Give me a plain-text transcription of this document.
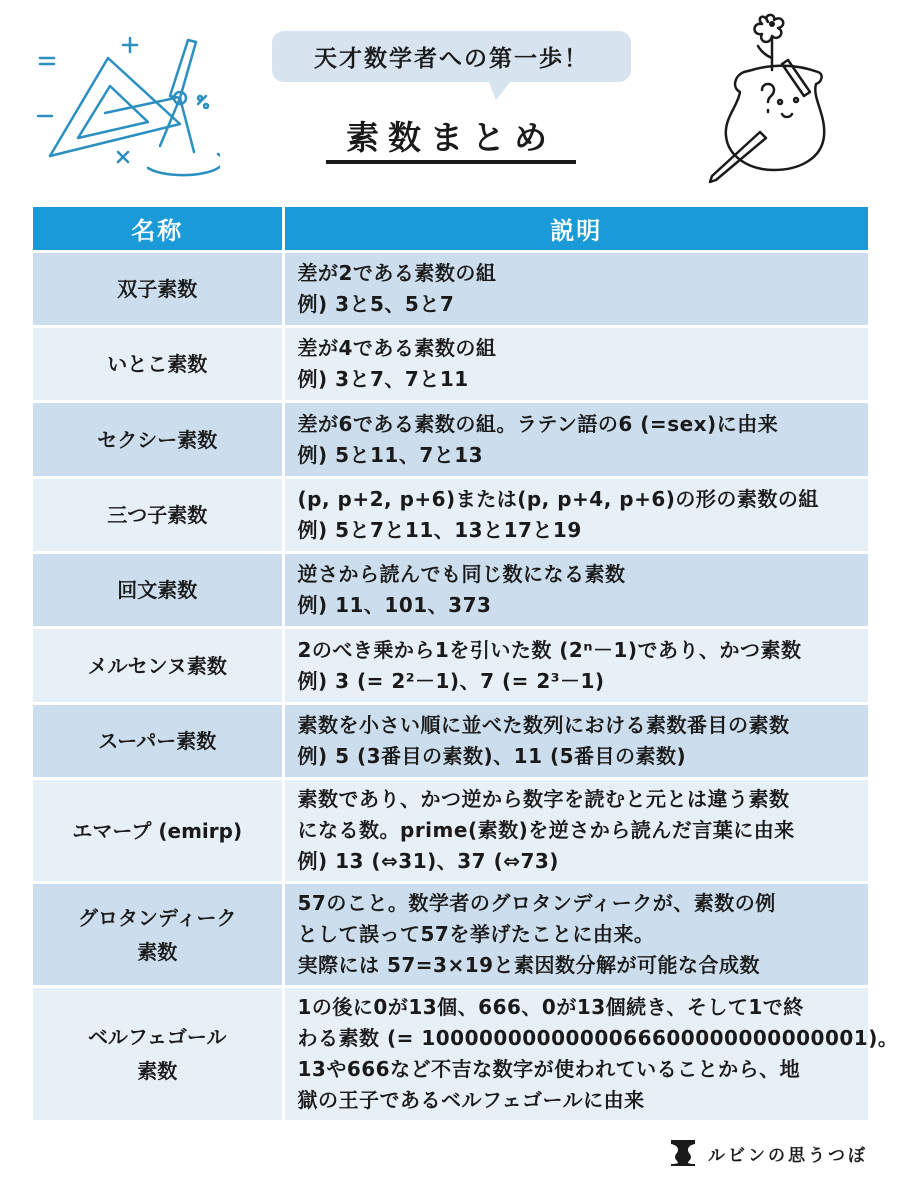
天才数学者への第一歩！
素数まとめ
名称	説明

双子素数	差が2である素数の組
例) 3と5、5と7

いとこ素数	差が4である素数の組
例) 3と7、7と11

セクシー素数	差が6である素数の組。ラテン語の6 (=sex)に由来
例) 5と11、7と13

三つ子素数	(p, p+2, p+6)または(p, p+4, p+6)の形の素数の組
例) 5と7と11、13と17と19

回文素数	逆さから読んでも同じ数になる素数
例) 11、101、373

メルセンヌ素数	2のべき乗から1を引いた数 (2ⁿ－1)であり、かつ素数
例) 3 (= 2²－1)、7 (= 2³－1)

スーパー素数	素数を小さい順に並べた数列における素数番目の素数
例) 5 (3番目の素数)、11 (5番目の素数)

エマープ (emirp)	素数であり、かつ逆から数字を読むと元とは違う素数
になる数。prime(素数)を逆さから読んだ言葉に由来
例) 13 (⇔31)、37 (⇔73)

グロタンディーク
素数	57のこと。数学者のグロタンディークが、素数の例
として誤って57を挙げたことに由来。
実際には 57=3×19と素因数分解が可能な合成数

ベルフェゴール
素数	1の後に0が13個、666、0が13個続き、そして1で終
わる素数 (= 1000000000000066600000000000001)。
13や666など不吉な数字が使われていることから、地
獄の王子であるベルフェゴールに由来
ルビンの思うつぼ
